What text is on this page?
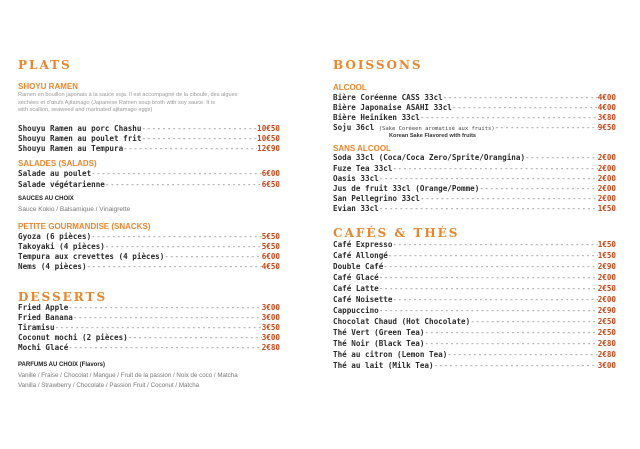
PLATS
SHOYU RAMEN
Ramen en bouillon japonais à la sauce soja. Il est accompagné de la ciboule, des algues
séchées et d'œufs Ajitamago (Japanese Ramen soup broth with soy sauce. It is
with scallion, seaweed and marinated ajitamago eggs)
Shouyu Ramen au porc Chashu -----	10€50
Shouyu Ramen au poulet frit -----	10€50
Shouyu Ramen au Tempura -----	12€90
SALADES (SALADS)
Salade au poulet -----	6€00
Salade végétarienne -----	6€50
SAUCES AU CHOIX
Sauce Kokio / Balsamique / Vinaigrette
PETITE GOURMANDISE (SNACKS)
Gyoza (6 pièces) -----	5€50
Takoyaki (4 pièces) -----	5€50
Tempura aux crevettes (4 pièces) -----	6€00
Nems (4 pièces) -----	4€50
DESSERTS
Fried Apple -----	3€00
Fried Banana -----	3€00
Tiramisu -----	3€50
Coconut mochi (2 pièces) -----	3€00
Mochi Glacé -----	2€80
PARFUMS AU CHOIX (Flavors)
Vanille / Fraise / Chocolat / Mangue / Fruit de la passion / Noix de coco / Matcha
Vanilla / Strawberry / Chocolate / Passion Fruit / Coconut / Matcha
BOISSONS
ALCOOL
Bière Coréenne CASS 33cl -----	4€00
Bière Japonaise ASAHI 33cl -----	4€00
Bière Heiniken 33cl -----	3€80
Soju 36cl (Sake Coréeen aromatisé aux fruits) -----	9€50
Korean Sake Flavored with fruits
SANS ALCOOL
Soda 33cl (Coca/Coca Zero/Sprite/Orangina) -----	2€00
Fuze Tea 33cl -----	2€00
Oasis 33cl -----	2€00
Jus de fruit 33cl (Orange/Pomme) -----	2€00
San Pellegrino 33cl -----	2€00
Evian 33cl -----	1€50
CAFÉS & THÉS
Café Expresso -----	1€50
Café Allongé -----	1€50
Double Café -----	2€90
Café Glacé -----	2€00
Café Latte -----	2€50
Café Noisette -----	2€00
Cappuccino -----	2€90
Chocolat Chaud (Hot Chocolate) -----	2€50
Thé Vert (Green Tea) -----	2€50
Thé Noir (Black Tea) -----	2€80
Thé au citron (Lemon Tea) -----	2€80
Thé au lait (Milk Tea) -----	3€00
